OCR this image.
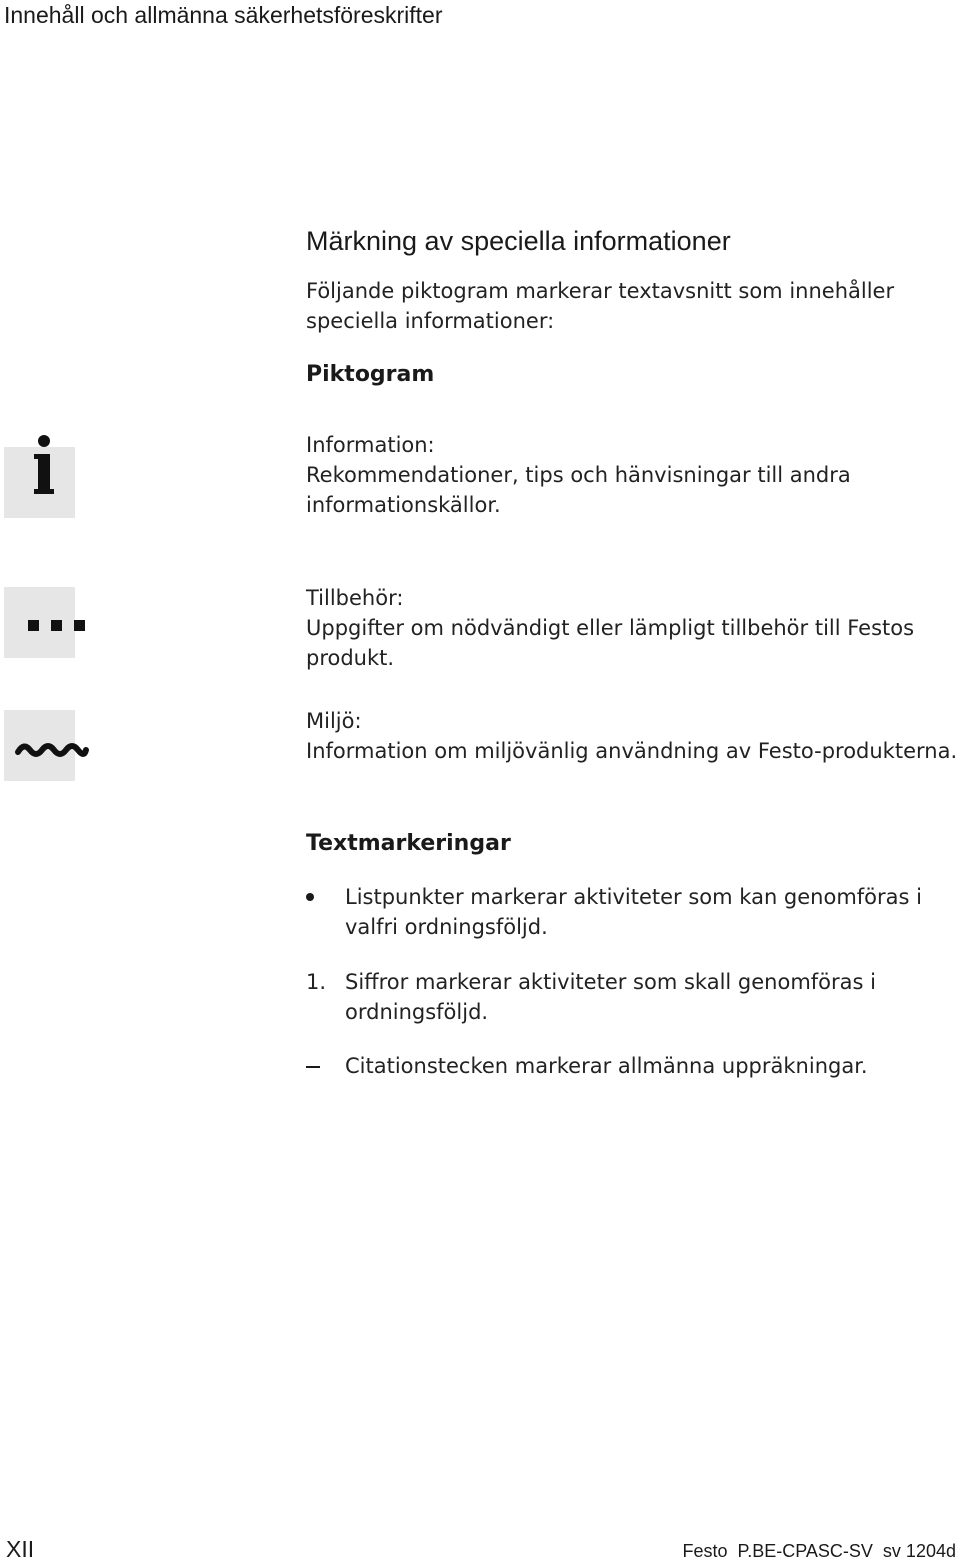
Innehåll och allmänna säkerhetsföreskrifter
Märkning av speciella informationer
Följande piktogram markerar textavsnitt som innehåller
speciella informationer:
Piktogram
Information:
Rekommendationer, tips och hänvisningar till andra
informationskällor.
Tillbehör:
Uppgifter om nödvändigt eller lämpligt tillbehör till Festos
produkt.
Miljö:
Information om miljövänlig användning av Festo-produkterna.
Textmarkeringar
Listpunkter markerar aktiviteter som kan genomföras i
valfri ordningsföljd.
1. Siffror markerar aktiviteter som skall genomföras i
ordningsföljd.
Citationstecken markerar allmänna uppräkningar.
XII	Festo  P.BE-CPASC-SV  sv 1204d
